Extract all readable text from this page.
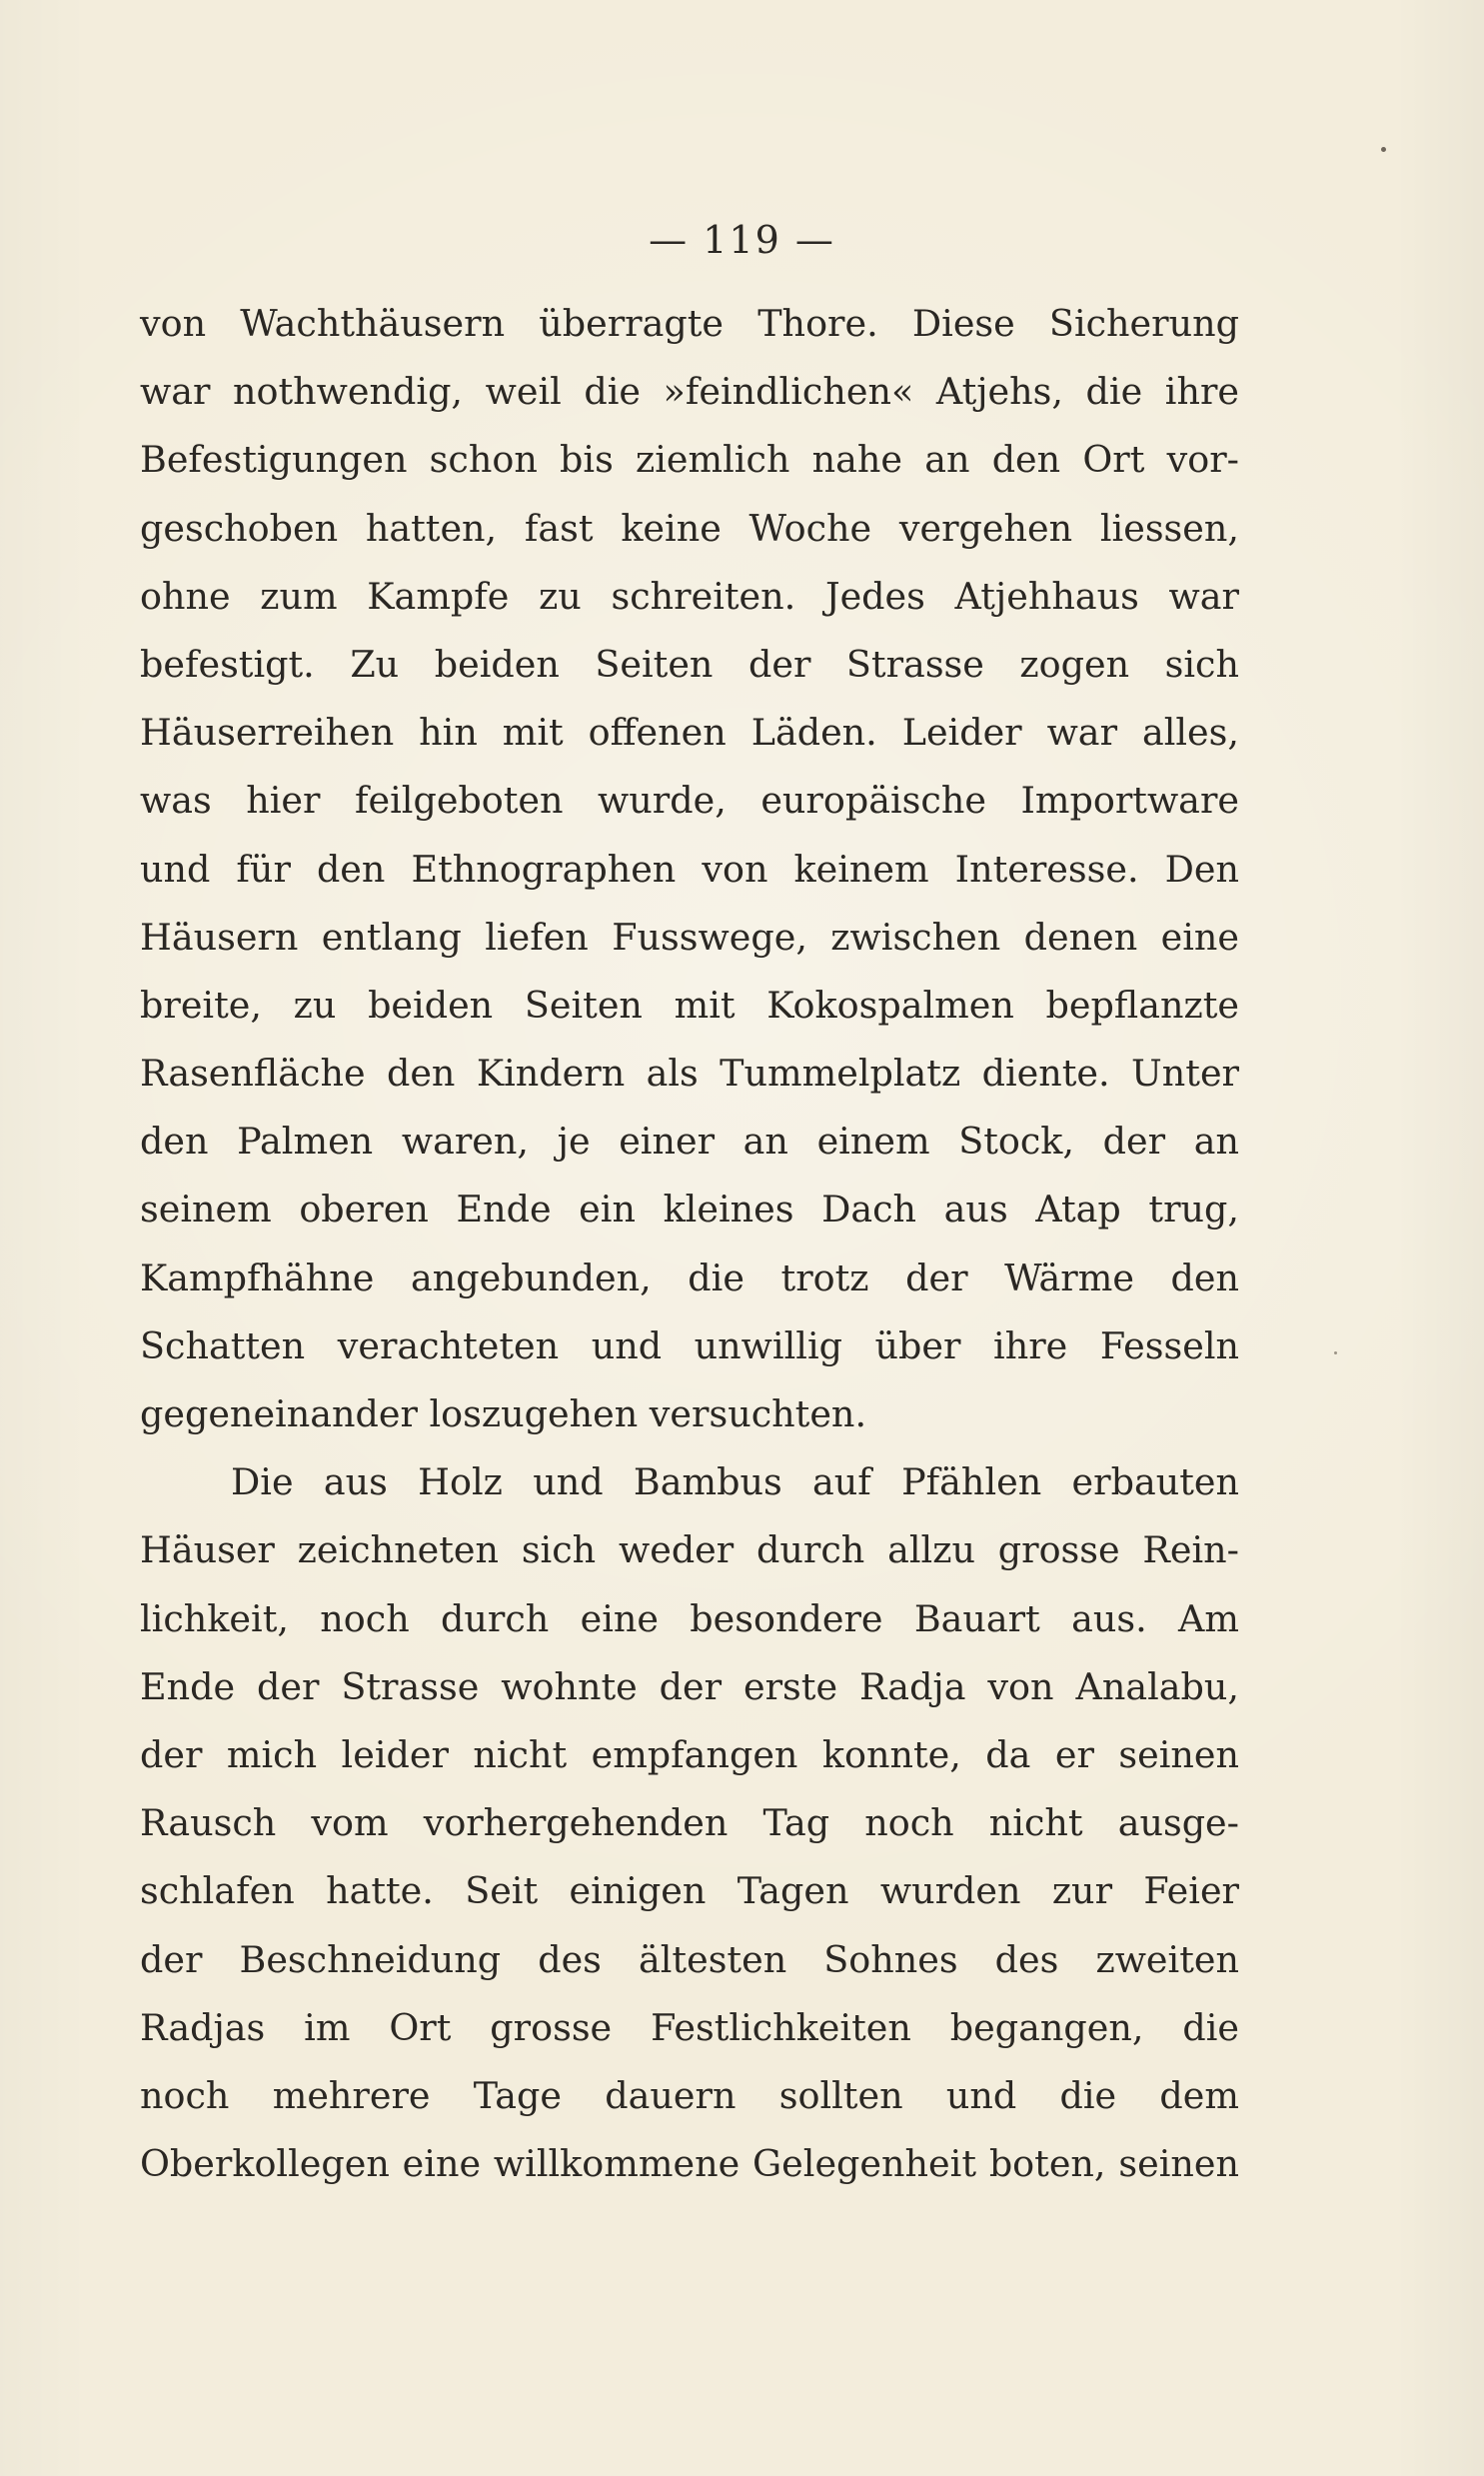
— 119 —
von Wachthäusern überragte Thore. Diese Sicherung
war nothwendig, weil die »feindlichen« Atjehs, die ihre
Befestigungen schon bis ziemlich nahe an den Ort vor-
geschoben hatten, fast keine Woche vergehen liessen,
ohne zum Kampfe zu schreiten. Jedes Atjehhaus war
befestigt. Zu beiden Seiten der Strasse zogen sich
Häuserreihen hin mit offenen Läden. Leider war alles,
was hier feilgeboten wurde, europäische Importware
und für den Ethnographen von keinem Interesse. Den
Häusern entlang liefen Fusswege, zwischen denen eine
breite, zu beiden Seiten mit Kokospalmen bepflanzte
Rasenfläche den Kindern als Tummelplatz diente. Unter
den Palmen waren, je einer an einem Stock, der an
seinem oberen Ende ein kleines Dach aus Atap trug,
Kampfhähne angebunden, die trotz der Wärme den
Schatten verachteten und unwillig über ihre Fesseln
gegeneinander loszugehen versuchten.
Die aus Holz und Bambus auf Pfählen erbauten
Häuser zeichneten sich weder durch allzu grosse Rein-
lichkeit, noch durch eine besondere Bauart aus. Am
Ende der Strasse wohnte der erste Radja von Analabu,
der mich leider nicht empfangen konnte, da er seinen
Rausch vom vorhergehenden Tag noch nicht ausge-
schlafen hatte. Seit einigen Tagen wurden zur Feier
der Beschneidung des ältesten Sohnes des zweiten
Radjas im Ort grosse Festlichkeiten begangen, die
noch mehrere Tage dauern sollten und die dem
Oberkollegen eine willkommene Gelegenheit boten, seinen
